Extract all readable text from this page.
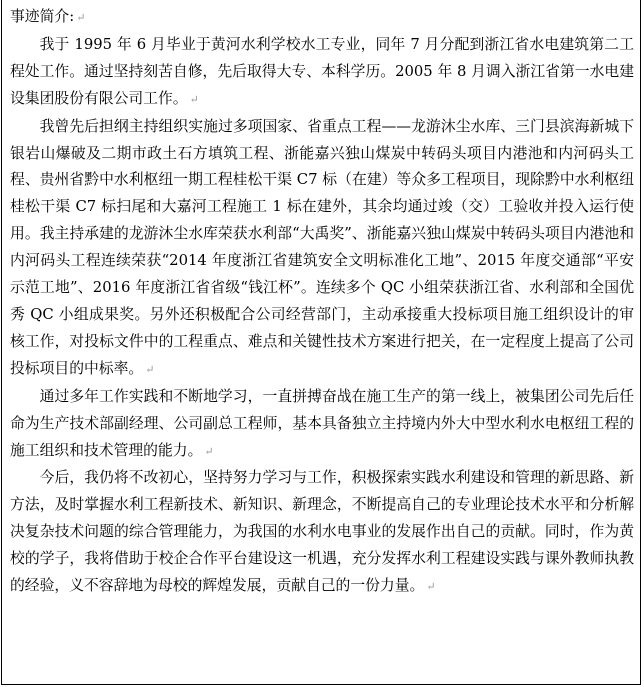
事迹简介: ↵

我于 1995 年 6 月毕业于黄河水利学校水工专业，同年 7 月分配到浙江省水电建筑第二工程处工作。通过坚持刻苦自修，先后取得大专、本科学历。2005 年 8 月调入浙江省第一水电建设集团股份有限公司工作。 ↵

我曾先后担纲主持组织实施过多项国家、省重点工程——龙游沐尘水库、三门县滨海新城下银岩山爆破及二期市政土石方填筑工程、浙能嘉兴独山煤炭中转码头项目内港池和内河码头工程、贵州省黔中水利枢纽一期工程桂松干渠 C7 标（在建）等众多工程项目，现除黔中水利枢纽桂松干渠 C7 标扫尾和大嘉河工程施工 1 标在建外，其余均通过竣（交）工验收并投入运行使用。我主持承建的龙游沐尘水库荣获水利部“大禹奖”、浙能嘉兴独山煤炭中转码头项目内港池和内河码头工程连续荣获“2014 年度浙江省建筑安全文明标准化工地”、2015 年度交通部“平安示范工地”、2016 年度浙江省省级“钱江杯”。连续多个 QC 小组荣获浙江省、水利部和全国优秀 QC 小组成果奖。另外还积极配合公司经营部门，主动承接重大投标项目施工组织设计的审核工作，对投标文件中的工程重点、难点和关键性技术方案进行把关，在一定程度上提高了公司投标项目的中标率。 ↵

通过多年工作实践和不断地学习，一直拼搏奋战在施工生产的第一线上，被集团公司先后任命为生产技术部副经理、公司副总工程师，基本具备独立主持境内外大中型水利水电枢纽工程的施工组织和技术管理的能力。 ↵

今后，我仍将不改初心，坚持努力学习与工作，积极探索实践水利建设和管理的新思路、新方法，及时掌握水利工程新技术、新知识、新理念，不断提高自己的专业理论技术水平和分析解决复杂技术问题的综合管理能力，为我国的水利水电事业的发展作出自己的贡献。同时，作为黄校的学子，我将借助于校企合作平台建设这一机遇，充分发挥水利工程建设实践与课外教师执教的经验，义不容辞地为母校的辉煌发展，贡献自己的一份力量。 ↵
